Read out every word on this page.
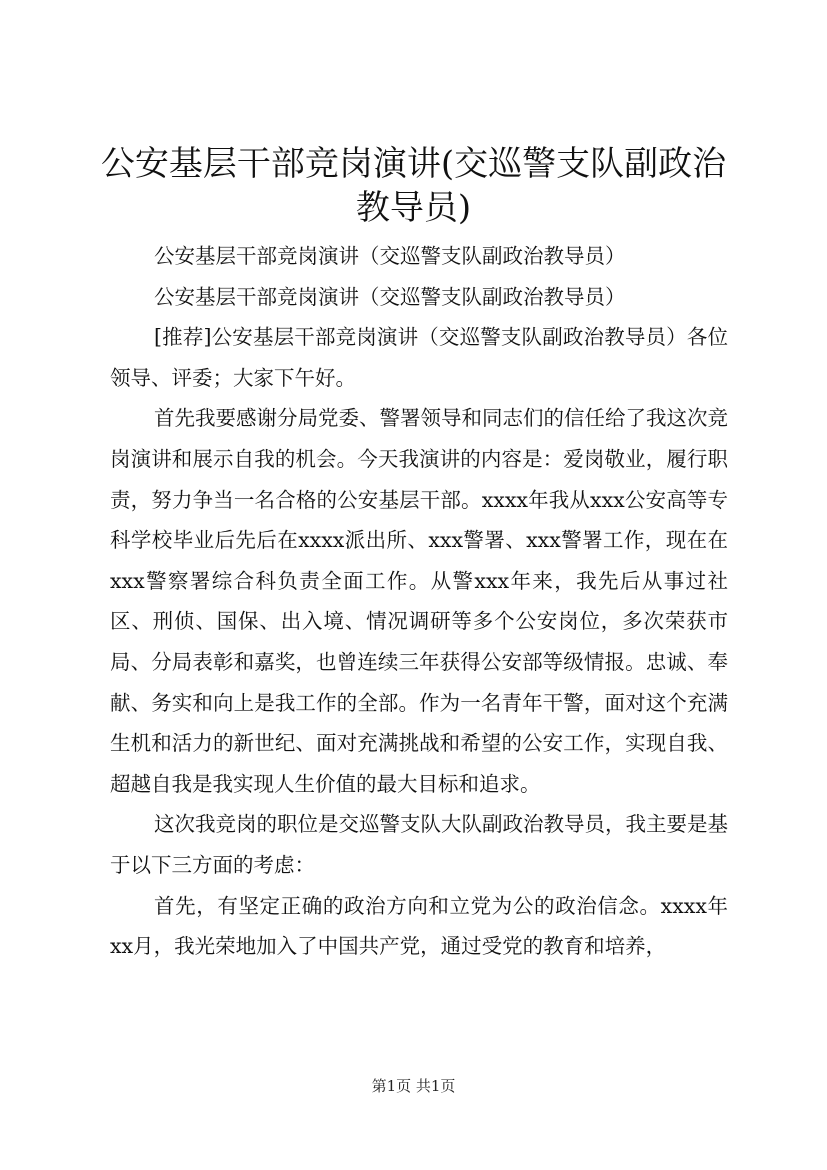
公安基层干部竞岗演讲(交巡警支队副政治教导员)

公安基层干部竞岗演讲（交巡警支队副政治教导员）

公安基层干部竞岗演讲（交巡警支队副政治教导员）

[推荐]公安基层干部竞岗演讲（交巡警支队副政治教导员）各位领导、评委；大家下午好。

首先我要感谢分局党委、警署领导和同志们的信任给了我这次竞岗演讲和展示自我的机会。今天我演讲的内容是：爱岗敬业，履行职责，努力争当一名合格的公安基层干部。xxxx年我从xxx公安高等专科学校毕业后先后在xxxx派出所、xxx警署、xxx警署工作，现在在xxx警察署综合科负责全面工作。从警xxx年来，我先后从事过社区、刑侦、国保、出入境、情况调研等多个公安岗位，多次荣获市局、分局表彰和嘉奖，也曾连续三年获得公安部等级情报。忠诚、奉献、务实和向上是我工作的全部。作为一名青年干警，面对这个充满生机和活力的新世纪、面对充满挑战和希望的公安工作，实现自我、超越自我是我实现人生价值的最大目标和追求。

这次我竞岗的职位是交巡警支队大队副政治教导员，我主要是基于以下三方面的考虑：

首先，有坚定正确的政治方向和立党为公的政治信念。xxxx年xx月，我光荣地加入了中国共产党，通过受党的教育和培养，

第1页 共1页
